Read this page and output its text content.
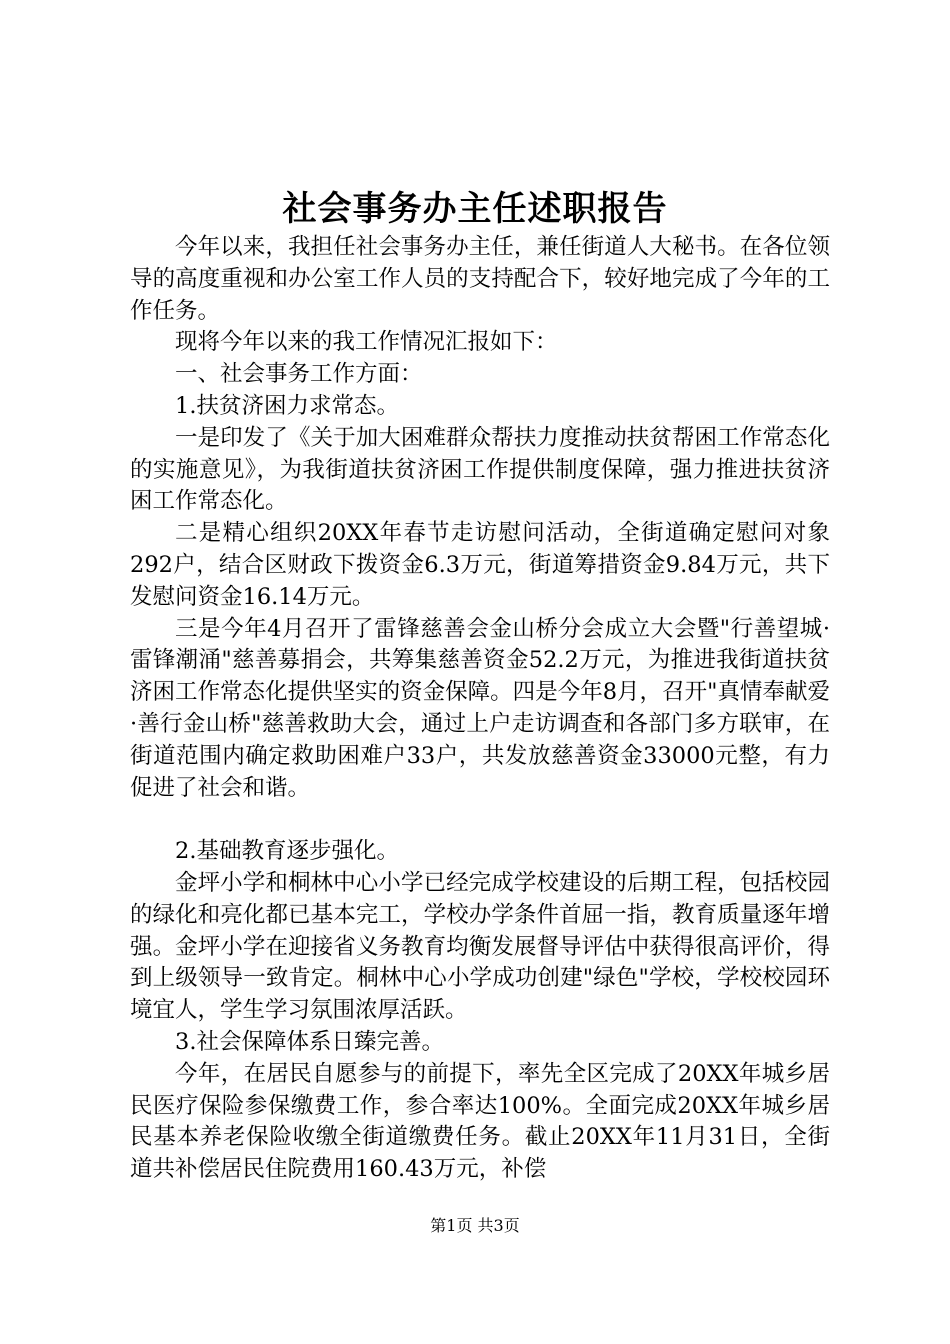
社会事务办主任述职报告

今年以来，我担任社会事务办主任，兼任街道人大秘书。在各位领导的高度重视和办公室工作人员的支持配合下，较好地完成了今年的工作任务。

现将今年以来的我工作情况汇报如下：

一、社会事务工作方面：

1.扶贫济困力求常态。

一是印发了《关于加大困难群众帮扶力度推动扶贫帮困工作常态化的实施意见》，为我街道扶贫济困工作提供制度保障，强力推进扶贫济困工作常态化。

二是精心组织20XX年春节走访慰问活动，全街道确定慰问对象292户，结合区财政下拨资金6.3万元，街道筹措资金9.84万元，共下发慰问资金16.14万元。

三是今年4月召开了雷锋慈善会金山桥分会成立大会暨"行善望城·雷锋潮涌"慈善募捐会，共筹集慈善资金52.2万元，为推进我街道扶贫济困工作常态化提供坚实的资金保障。四是今年8月，召开"真情奉献爱·善行金山桥"慈善救助大会，通过上户走访调查和各部门多方联审，在街道范围内确定救助困难户33户，共发放慈善资金33000元整，有力促进了社会和谐。

2.基础教育逐步强化。

金坪小学和桐林中心小学已经完成学校建设的后期工程，包括校园的绿化和亮化都已基本完工，学校办学条件首屈一指，教育质量逐年增强。金坪小学在迎接省义务教育均衡发展督导评估中获得很高评价，得到上级领导一致肯定。桐林中心小学成功创建"绿色"学校，学校校园环境宜人，学生学习氛围浓厚活跃。

3.社会保障体系日臻完善。

今年，在居民自愿参与的前提下，率先全区完成了20XX年城乡居民医疗保险参保缴费工作，参合率达100%。全面完成20XX年城乡居民基本养老保险收缴全街道缴费任务。截止20XX年11月31日，全街道共补偿居民住院费用160.43万元，补偿

第1页 共3页
